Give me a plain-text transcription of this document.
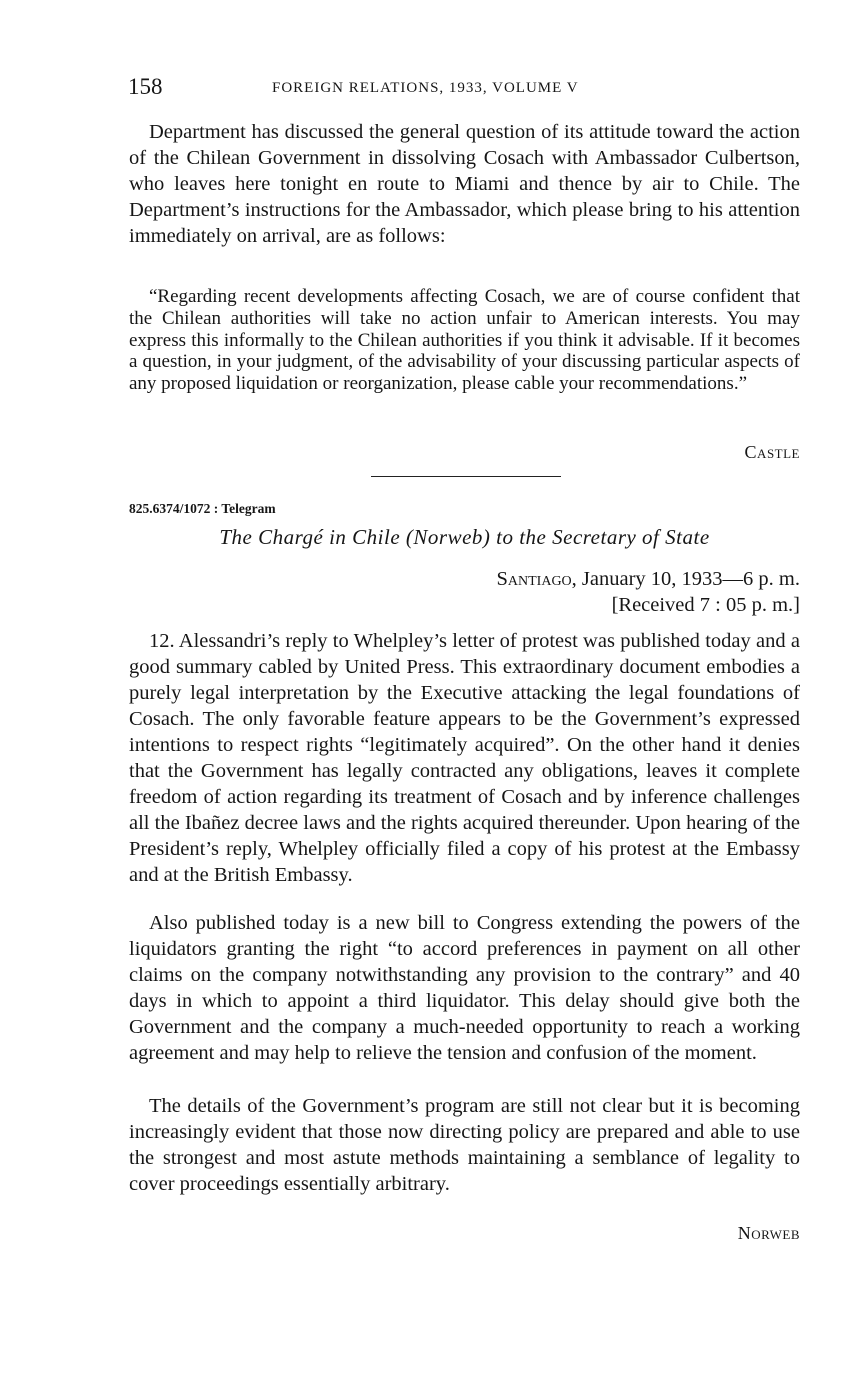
158	FOREIGN RELATIONS, 1933, VOLUME V

Department has discussed the general question of its attitude toward the action of the Chilean Government in dissolving Cosach with Ambassador Culbertson, who leaves here tonight en route to Miami and thence by air to Chile. The Department’s instructions for the Ambassador, which please bring to his attention immediately on arrival, are as follows:

“Regarding recent developments affecting Cosach, we are of course confident that the Chilean authorities will take no action unfair to American interests. You may express this informally to the Chilean authorities if you think it advisable. If it becomes a question, in your judgment, of the advisability of your discussing particular aspects of any proposed liquidation or reorganization, please cable your recommendations.”

Castle
825.6374/1072 : Telegram
The Chargé in Chile (Norweb) to the Secretary of State
Santiago, January 10, 1933—6 p. m.
[Received 7 : 05 p. m.]

12. Alessandri’s reply to Whelpley’s letter of protest was published today and a good summary cabled by United Press. This extraordinary document embodies a purely legal interpretation by the Executive attacking the legal foundations of Cosach. The only favorable feature appears to be the Government’s expressed intentions to respect rights “legitimately acquired”. On the other hand it denies that the Government has legally contracted any obligations, leaves it complete freedom of action regarding its treatment of Cosach and by inference challenges all the Ibañez decree laws and the rights acquired thereunder. Upon hearing of the President’s reply, Whelpley officially filed a copy of his protest at the Embassy and at the British Embassy.

Also published today is a new bill to Congress extending the powers of the liquidators granting the right “to accord preferences in payment on all other claims on the company notwithstanding any provision to the contrary” and 40 days in which to appoint a third liquidator. This delay should give both the Government and the company a much-needed opportunity to reach a working agreement and may help to relieve the tension and confusion of the moment.

The details of the Government’s program are still not clear but it is becoming increasingly evident that those now directing policy are prepared and able to use the strongest and most astute methods maintaining a semblance of legality to cover proceedings essentially arbitrary.

Norweb
